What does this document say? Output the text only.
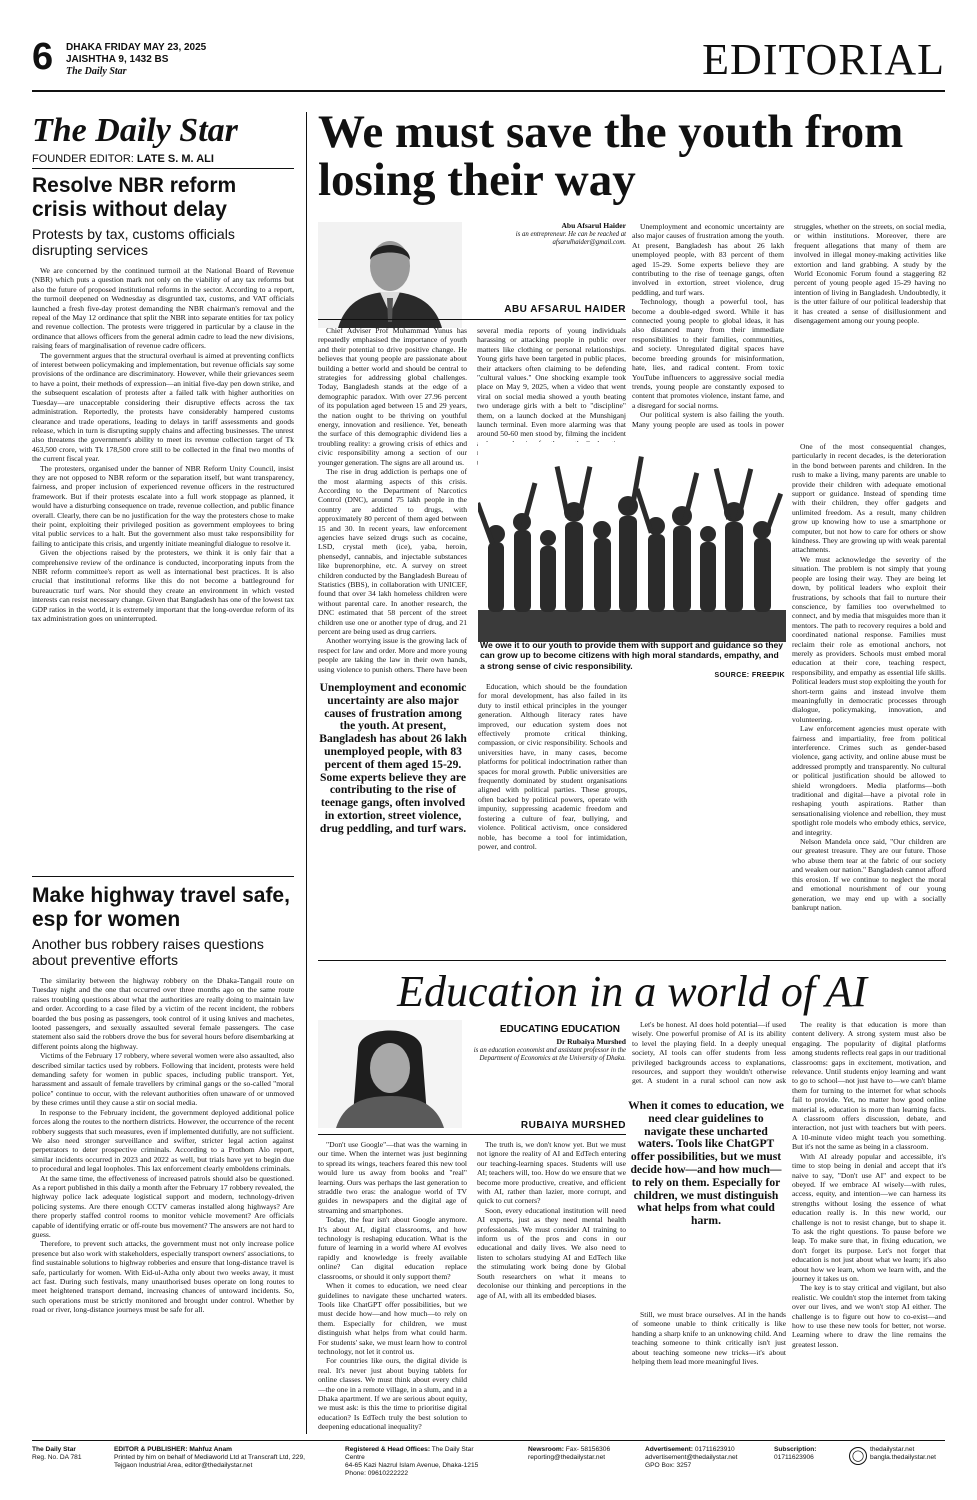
6 DHAKA FRIDAY MAY 23, 2025
JAISHTHA 9, 1432 BS
The Daily Star	EDITORIAL
The Daily Star
FOUNDER EDITOR: LATE S. M. ALI
Resolve NBR reform crisis without delay
Protests by tax, customs officials disrupting services

We are concerned by the continued turmoil at the National Board of Revenue (NBR) which puts a question mark not only on the viability of any tax reforms but also the future of proposed institutional reforms in the sector. According to a report, the turmoil deepened on Wednesday as disgruntled tax, customs, and VAT officials launched a fresh five-day protest demanding the NBR chairman's removal and the repeal of the May 12 ordinance that split the NBR into separate entities for tax policy and revenue collection. The protests were triggered in particular by a clause in the ordinance that allows officers from the general admin cadre to lead the new divisions, raising fears of marginalisation of revenue cadre officers.

The government argues that the structural overhaul is aimed at preventing conflicts of interest between policymaking and implementation, but revenue officials say some provisions of the ordinance are discriminatory. However, while their grievances seem to have a point, their methods of expression—an initial five-day pen down strike, and the subsequent escalation of protests after a failed talk with higher authorities on Tuesday—are unacceptable considering their disruptive effects across the tax administration. Reportedly, the protests have considerably hampered customs clearance and trade operations, leading to delays in tariff assessments and goods release, which in turn is disrupting supply chains and affecting businesses. The unrest also threatens the government's ability to meet its revenue collection target of Tk 463,500 crore, with Tk 178,500 crore still to be collected in the final two months of the current fiscal year.

The protesters, organised under the banner of NBR Reform Unity Council, insist they are not opposed to NBR reform or the separation itself, but want transparency, fairness, and proper inclusion of experienced revenue officers in the restructured framework. But if their protests escalate into a full work stoppage as planned, it would have a disturbing consequence on trade, revenue collection, and public finance overall. Clearly, there can be no justification for the way the protesters chose to make their point, exploiting their privileged position as government employees to bring vital public services to a halt. But the government also must take responsibility for failing to anticipate this crisis, and urgently initiate meaningful dialogue to resolve it.

Given the objections raised by the protesters, we think it is only fair that a comprehensive review of the ordinance is conducted, incorporating inputs from the NBR reform committee's report as well as international best practices. It is also crucial that institutional reforms like this do not become a battleground for bureaucratic turf wars. Nor should they create an environment in which vested interests can resist necessary change. Given that Bangladesh has one of the lowest tax GDP ratios in the world, it is extremely important that the long-overdue reform of its tax administration goes on uninterrupted.

Make highway travel safe, esp for women
Another bus robbery raises questions about preventive efforts

The similarity between the highway robbery on the Dhaka-Tangail route on Tuesday night and the one that occurred over three months ago on the same route raises troubling questions about what the authorities are really doing to maintain law and order. According to a case filed by a victim of the recent incident, the robbers boarded the bus posing as passengers, took control of it using knives and machetes, looted passengers, and sexually assaulted several female passengers. The case statement also said the robbers drove the bus for several hours before disembarking at different points along the highway.

Victims of the February 17 robbery, where several women were also assaulted, also described similar tactics used by robbers. Following that incident, protests were held demanding safety for women in public spaces, including public transport. Yet, harassment and assault of female travellers by criminal gangs or the so-called "moral police" continue to occur, with the relevant authorities often unaware of or unmoved by these crimes until they cause a stir on social media.

In response to the February incident, the government deployed additional police forces along the routes to the northern districts. However, the occurrence of the recent robbery suggests that such measures, even if implemented dutifully, are not sufficient. We also need stronger surveillance and swifter, stricter legal action against perpetrators to deter prospective criminals. According to a Prothom Alo report, similar incidents occurred in 2023 and 2022 as well, but trials have yet to begin due to procedural and legal loopholes. This lax enforcement clearly emboldens criminals.

At the same time, the effectiveness of increased patrols should also be questioned. As a report published in this daily a month after the February 17 robbery revealed, the highway police lack adequate logistical support and modern, technology-driven policing systems. Are there enough CCTV cameras installed along highways? Are there properly staffed control rooms to monitor vehicle movement? Are officials capable of identifying erratic or off-route bus movement? The answers are not hard to guess.

Therefore, to prevent such attacks, the government must not only increase police presence but also work with stakeholders, especially transport owners' associations, to find sustainable solutions to highway robberies and ensure that long-distance travel is safe, particularly for women. With Eid-ul-Azha only about two weeks away, it must act fast. During such festivals, many unauthorised buses operate on long routes to meet heightened transport demand, increasing chances of untoward incidents. So, such operations must be strictly monitored and brought under control. Whether by road or river, long-distance journeys must be safe for all.

We must save the youth from losing their way
Abu Afsarul Haider
is an entrepreneur. He can be reached at
afsarulhaider@gmail.com.
ABU AFSARUL HAIDER

Chief Adviser Prof Muhammad Yunus has repeatedly emphasised the importance of youth and their potential to drive positive change. He believes that young people are passionate about building a better world and should be central to strategies for addressing global challenges. Today, Bangladesh stands at the edge of a demographic paradox. With over 27.96 percent of its population aged between 15 and 29 years, the nation ought to be thriving on youthful energy, innovation and resilience. Yet, beneath the surface of this demographic dividend lies a troubling reality: a growing crisis of ethics and civic responsibility among a section of our younger generation. The signs are all around us.

The rise in drug addiction is perhaps one of the most alarming aspects of this crisis. According to the Department of Narcotics Control (DNC), around 75 lakh people in the country are addicted to drugs, with approximately 80 percent of them aged between 15 and 30. In recent years, law enforcement agencies have seized drugs such as cocaine, LSD, crystal meth (ice), yaba, heroin, phensedyl, cannabis, and injectable substances like buprenorphine, etc. A survey on street children conducted by the Bangladesh Bureau of Statistics (BBS), in collaboration with UNICEF, found that over 34 lakh homeless children were without parental care. In another research, the DNC estimated that 58 percent of the street children use one or another type of drug, and 21 percent are being used as drug carriers.

Another worrying issue is the growing lack of respect for law and order. More and more young people are taking the law in their own hands, using violence to punish others. There have been several media reports of young individuals harassing or attacking people in public over matters like clothing or personal relationships. Young girls have been targeted in public places, their attackers often claiming to be defending "cultural values." One shocking example took place on May 9, 2025, when a video that went viral on social media showed a youth beating two underage girls with a belt to "discipline" them, on a launch docked at the Munshiganj launch terminal. Even more alarming was that around 50-60 men stood by, filming the incident

Unemployment and economic uncertainty are also major causes of frustration among the youth. At present, Bangladesh has about 26 lakh unemployed people, with 83 percent of them aged 15-29. Some experts believe they are contributing to the rise of teenage gangs, often involved in extortion, street violence, drug peddling, and turf wars.

Technology, though a powerful tool, has become a double-edged sword. While it has connected young people to global ideas, it has also distanced many from their immediate responsibilities to their families, communities, and society. Unregulated digital spaces have become breeding grounds for misinformation, hate, lies, and radical content. From toxic YouTube influencers to aggressive social media trends, young people are constantly exposed to content that promotes violence, instant fame, and a disregard for social norms.

Our political system is also failing the youth. Many young people are used as tools in power struggles, whether on the streets, on social media, or within institutions. Moreover, there are frequent allegations that many of them are involved in illegal money-making activities like extortion and land grabbing. A study by the World Economic Forum found a staggering 82 percent of young people aged 15-29 having no intention of living in Bangladesh. Undoubtedly, it is the utter failure of our political leadership that it has created a sense of disillusionment and disengagement among our young people.

We owe it to our youth to provide them with support and guidance so they can grow up to become citizens with high moral standards, empathy, and a strong sense of civic responsibility.
SOURCE: FREEPIK

One of the most consequential changes, particularly in recent decades, is the deterioration in the bond between parents and children. In the rush to make a living, many parents are unable to provide their children with adequate emotional support or guidance. Instead of spending time with their children, they offer gadgets and unlimited freedom. As a result, many children grow up knowing how to use a smartphone or computer, but not how to care for others or show kindness. They are growing up with weak parental attachments.

We must acknowledge the severity of the situation. The problem is not simply that young people are losing their way. They are being let down, by political leaders who exploit their frustrations, by schools that fail to nurture their conscience, by families too overwhelmed to connect, and by media that misguides more than it mentors. The path to recovery requires a bold and coordinated national response. Families must reclaim their role as emotional anchors, not merely as providers. Schools must embed moral education at their core, teaching respect, responsibility, and empathy as essential life skills. Political leaders must stop exploiting the youth for short-term gains and instead involve them meaningfully in democratic processes through dialogue, policymaking, innovation, and volunteering.

Law enforcement agencies must operate with fairness and impartiality, free from political interference. Crimes such as gender-based violence, gang activity, and online abuse must be addressed promptly and transparently. No cultural or political justification should be allowed to shield wrongdoers. Media platforms—both traditional and digital—have a pivotal role in reshaping youth aspirations. Rather than sensationalising violence and rebellion, they must spotlight role models who embody ethics, service, and integrity.

Nelson Mandela once said, "Our children are our greatest treasure. They are our future. Those who abuse them tear at the fabric of our society and weaken our nation." Bangladesh cannot afford this erosion. If we continue to neglect the moral and emotional nourishment of our young generation, we may end up with a socially bankrupt nation.

Unemployment and economic uncertainty are also major causes of frustration among the youth. At present, Bangladesh has about 26 lakh unemployed people, with 83 percent of them aged 15-29. Some experts believe they are contributing to the rise of teenage gangs, often involved in extortion, street violence, drug peddling, and turf wars.

Education, which should be the foundation for moral development, has also failed in its duty to instil ethical principles in the younger generation. Although literacy rates have improved, our education system does not effectively promote critical thinking, compassion, or civic responsibility. Schools and universities have, in many cases, become platforms for political indoctrination rather than spaces for moral growth. Public universities are frequently dominated by student organisations aligned with political parties. These groups, often backed by political powers, operate with impunity, suppressing academic freedom and fostering a culture of fear, bullying, and violence. Political activism, once considered noble, has become a tool for intimidation, power, and control.

Education in a world of AI
EDUCATING EDUCATION
Dr Rubaiya Murshed
is an education economist and assistant professor in the Department of Economics at the University of Dhaka.
RUBAIYA MURSHED

"Don't use Google"—that was the warning in our time. When the internet was just beginning to spread its wings, teachers feared this new tool would lure us away from books and "real" learning. Ours was perhaps the last generation to straddle two eras: the analogue world of TV guides in newspapers and the digital age of streaming and smartphones.

Today, the fear isn't about Google anymore. It's about AI, digital classrooms, and how technology is reshaping education. What is the future of learning in a world where AI evolves rapidly and knowledge is freely available online? Can digital education replace classrooms, or should it only support them?

When it comes to education, we need clear guidelines to navigate these uncharted waters. Tools like ChatGPT offer possibilities, but we must decide how—and how much—to rely on them. Especially for children, we must distinguish what helps from what could harm. For students' sake, we must learn how to control technology, not let it control us.

For countries like ours, the digital divide is real. It's never just about buying tablets for online classes. We must think about every child—the one in a remote village, in a slum, and in a Dhaka apartment. If we are serious about equity, we must ask: is this the time to prioritise digital education? Is EdTech truly the best solution to deepening educational inequality?

The truth is, we don't know yet. But we must not ignore the reality of AI and EdTech entering our teaching-learning spaces. Students will use AI; teachers will, too. How do we ensure that we become more productive, creative, and efficient with AI, rather than lazier, more corrupt, and quick to cut corners?

Soon, every educational institution will need AI experts, just as they need mental health professionals. We must consider AI training to inform us of the pros and cons in our educational and daily lives. We also need to listen to scholars studying AI and EdTech like the stimulating work being done by Global South researchers on what it means to decolonise our thinking and perceptions in the age of AI, with all its embedded biases.

Let's be honest. AI does hold potential—if used wisely. One powerful promise of AI is its ability to level the playing field. In a deeply unequal society, AI tools can offer students from less privileged backgrounds access to explanations, resources, and support they wouldn't otherwise get. A student in a rural school can now ask

When it comes to education, we need clear guidelines to navigate these uncharted waters. Tools like ChatGPT offer possibilities, but we must decide how—and how much—to rely on them. Especially for children, we must distinguish what helps from what could harm.

Still, we must brace ourselves. AI in the hands of someone unable to think critically is like handing a sharp knife to an unknowing child. And teaching someone to think critically isn't just about teaching someone new tricks—it's about helping them lead more meaningful lives.

The reality is that education is more than content delivery. A strong system must also be engaging. The popularity of digital platforms among students reflects real gaps in our traditional classrooms: gaps in excitement, motivation, and relevance. Until students enjoy learning and want to go to school—not just have to—we can't blame them for turning to the internet for what schools fail to provide. Yet, no matter how good online material is, education is more than learning facts. A classroom offers discussion, debate, and interaction, not just with teachers but with peers. A 10-minute video might teach you something. But it's not the same as being in a classroom.

With AI already popular and accessible, it's time to stop being in denial and accept that it's naive to say, "Don't use AI" and expect to be obeyed. If we embrace AI wisely—with rules, access, equity, and intention—we can harness its strengths without losing the essence of what education really is. In this new world, our challenge is not to resist change, but to shape it. To ask the right questions. To pause before we leap. To make sure that, in fixing education, we don't forget its purpose. Let's not forget that education is not just about what we learn; it's also about how we learn, whom we learn with, and the journey it takes us on.

The key is to stay critical and vigilant, but also realistic. We couldn't stop the internet from taking over our lives, and we won't stop AI either. The challenge is to figure out how to co-exist—and how to use these new tools for better, not worse. Learning where to draw the line remains the greatest lesson.

The Daily Star
Reg. No. DA 781
EDITOR & PUBLISHER: Mahfuz Anam
Printed by him on behalf of Mediaworld Ltd at Transcraft Ltd, 229,
Tejgaon Industrial Area, editor@thedailystar.net
Registered & Head Offices: The Daily Star Centre
64-65 Kazi Nazrul Islam Avenue, Dhaka-1215
Phone: 09610222222
Newsroom: Fax- 58156306
reporting@thedailystar.net
Advertisement: 01711623910
advertisement@thedailystar.net
GPO Box: 3257
Subscription:
01711623906	◯
thedailystar.net
bangla.thedailystar.net
